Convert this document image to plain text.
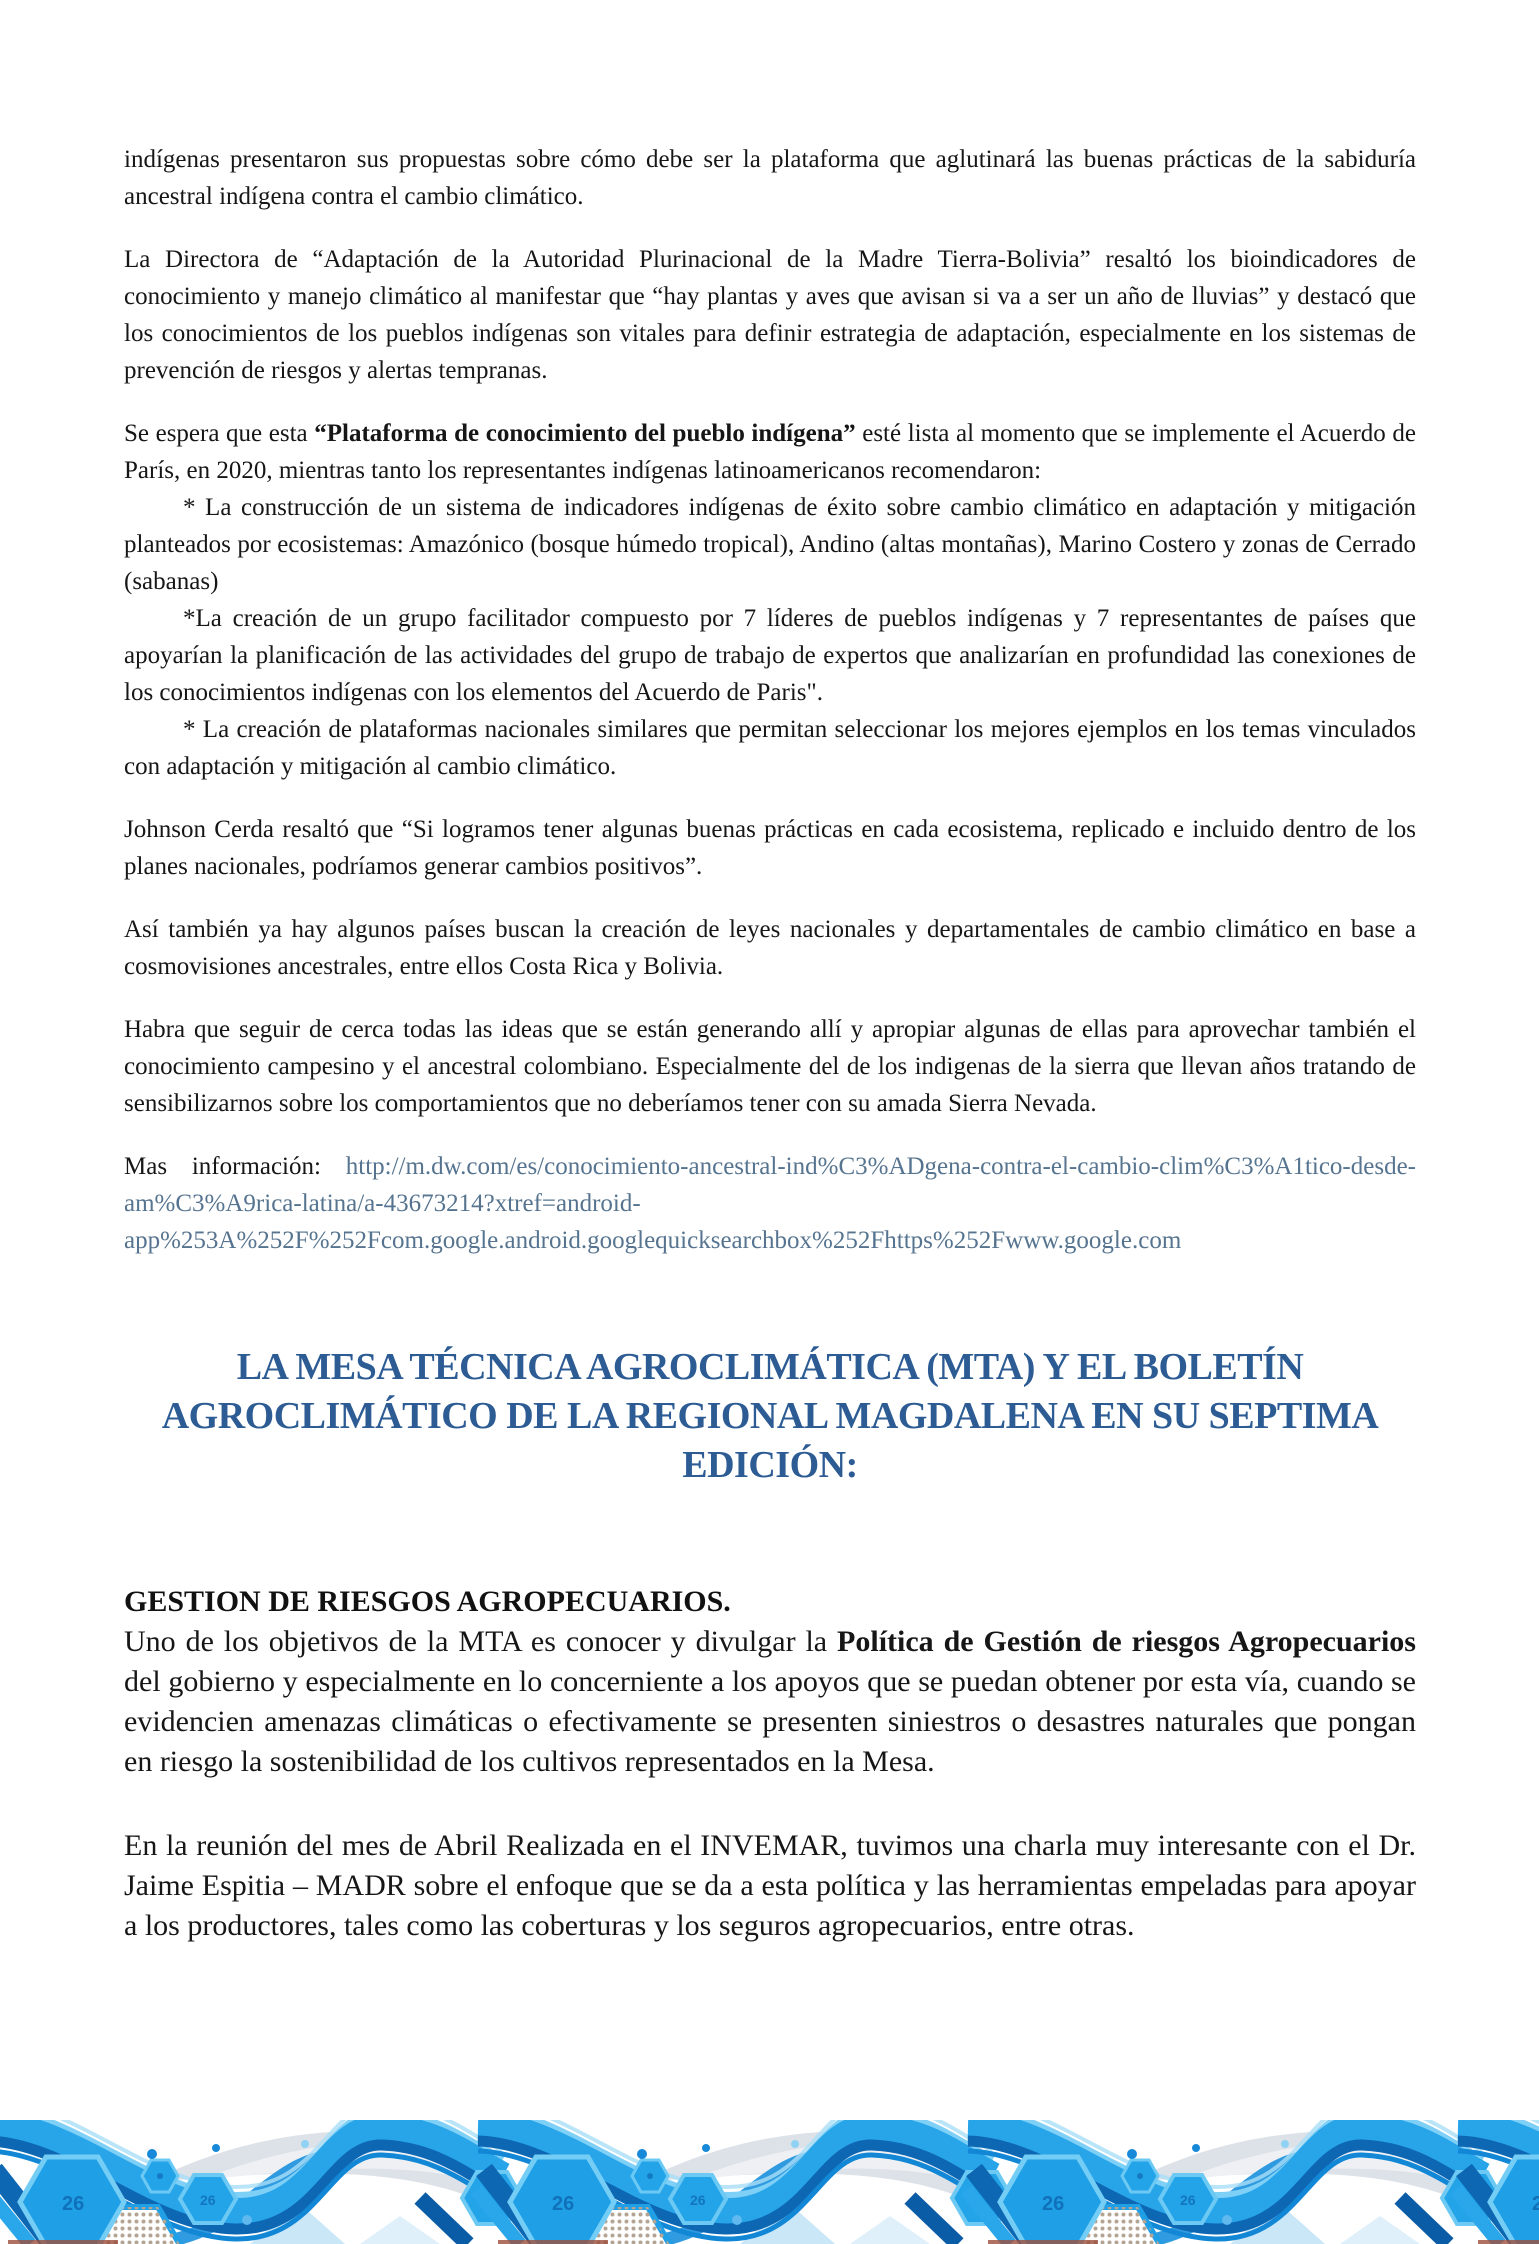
indígenas presentaron sus propuestas sobre cómo debe ser la plataforma que aglutinará las buenas prácticas de la sabiduría ancestral indígena contra el cambio climático.

La Directora de “Adaptación de la Autoridad Plurinacional de la Madre Tierra-Bolivia” resaltó los bioindicadores de conocimiento y manejo climático al manifestar que “hay plantas y aves que avisan si va a ser un año de lluvias” y destacó que los conocimientos de los pueblos indígenas son vitales para definir estrategia de adaptación, especialmente en los sistemas de prevención de riesgos y alertas tempranas.

Se espera que esta “Plataforma de conocimiento del pueblo indígena” esté lista al momento que se implemente el Acuerdo de París, en 2020, mientras tanto los representantes indígenas latinoamericanos recomendaron:

* La construcción de un sistema de indicadores indígenas de éxito sobre cambio climático en adaptación y mitigación planteados por ecosistemas: Amazónico (bosque húmedo tropical), Andino (altas montañas), Marino Costero y zonas de Cerrado (sabanas)

*La creación de un grupo facilitador compuesto por 7 líderes de pueblos indígenas y 7 representantes de países que apoyarían la planificación de las actividades del grupo de trabajo de expertos que analizarían en profundidad las conexiones de los conocimientos indígenas con los elementos del Acuerdo de Paris".

* La creación de plataformas nacionales similares que permitan seleccionar los mejores ejemplos en los temas vinculados con adaptación y mitigación al cambio climático.

Johnson Cerda resaltó que “Si logramos tener algunas buenas prácticas en cada ecosistema, replicado e incluido dentro de los planes nacionales, podríamos generar cambios positivos”.

Así también ya hay algunos países buscan la creación de leyes nacionales y departamentales de cambio climático en base a cosmovisiones ancestrales, entre ellos Costa Rica y Bolivia.

Habra que seguir de cerca todas las ideas que se están generando allí y apropiar algunas de ellas para aprovechar también el conocimiento campesino y el ancestral colombiano. Especialmente del de los indigenas de la sierra que llevan años tratando de sensibilizarnos sobre los comportamientos que no deberíamos tener con su amada Sierra Nevada.

Mas información: http://m.dw.com/es/conocimiento-ancestral-ind%C3%ADgena-contra-el-cambio-clim%C3%A1tico-desde-am%C3%A9rica-latina/a-43673214?xtref=android-app%253A%252F%252Fcom.google.android.googlequicksearchbox%252Fhttps%252Fwww.google.com

LA MESA TÉCNICA AGROCLIMÁTICA (MTA) Y EL BOLETÍN AGROCLIMÁTICO DE LA REGIONAL MAGDALENA EN SU SEPTIMA EDICIÓN:
GESTION DE RIESGOS AGROPECUARIOS.

Uno de los objetivos de la MTA es conocer y divulgar la Política de Gestión de riesgos Agropecuarios del gobierno y especialmente en lo concerniente a los apoyos que se puedan obtener por esta vía, cuando se evidencien amenazas climáticas o efectivamente se presenten siniestros o desastres naturales que pongan en riesgo la sostenibilidad de los cultivos representados en la Mesa.

En la reunión del mes de Abril Realizada en el INVEMAR, tuvimos una charla muy interesante con el Dr. Jaime Espitia – MADR sobre el enfoque que se da a esta política y las herramientas empeladas para apoyar a los productores, tales como las coberturas y los seguros agropecuarios, entre otras.
